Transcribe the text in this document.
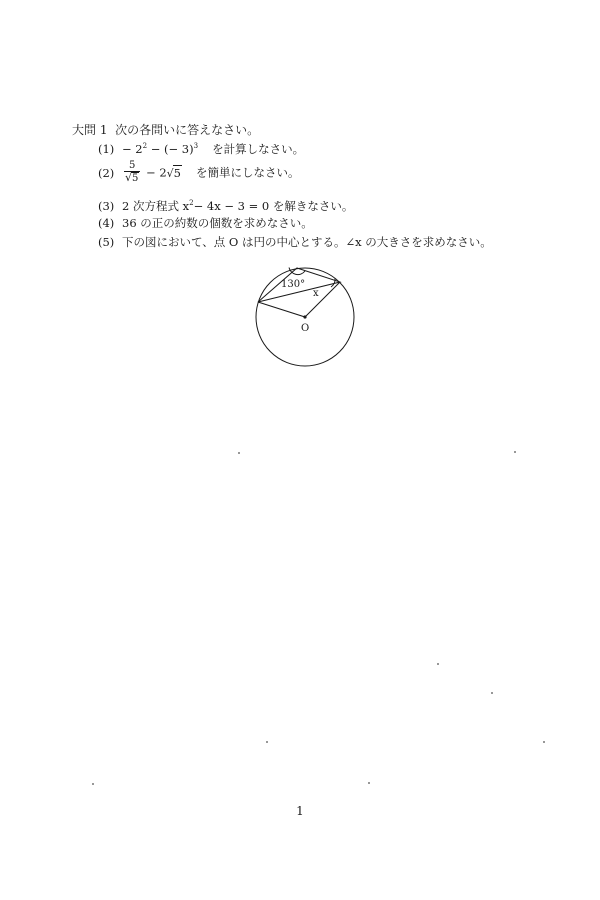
大問 1 次の各問いに答えなさい。
$(1) - 2^2$ − (− 3)$^3$ を計算しなさい。
$(2) \frac{5}{√5} - 2√5$ を簡単にしなさい。
(3) 2 次方程式 $x^2- 4x - 3 = 0$ を解きなさい。
(4) 36 の正の約数の個数を求めなさい。
(5) 下の図において、点 O は円の中心とする。∠x の大きさを求めなさい。
130°
x
O
1
